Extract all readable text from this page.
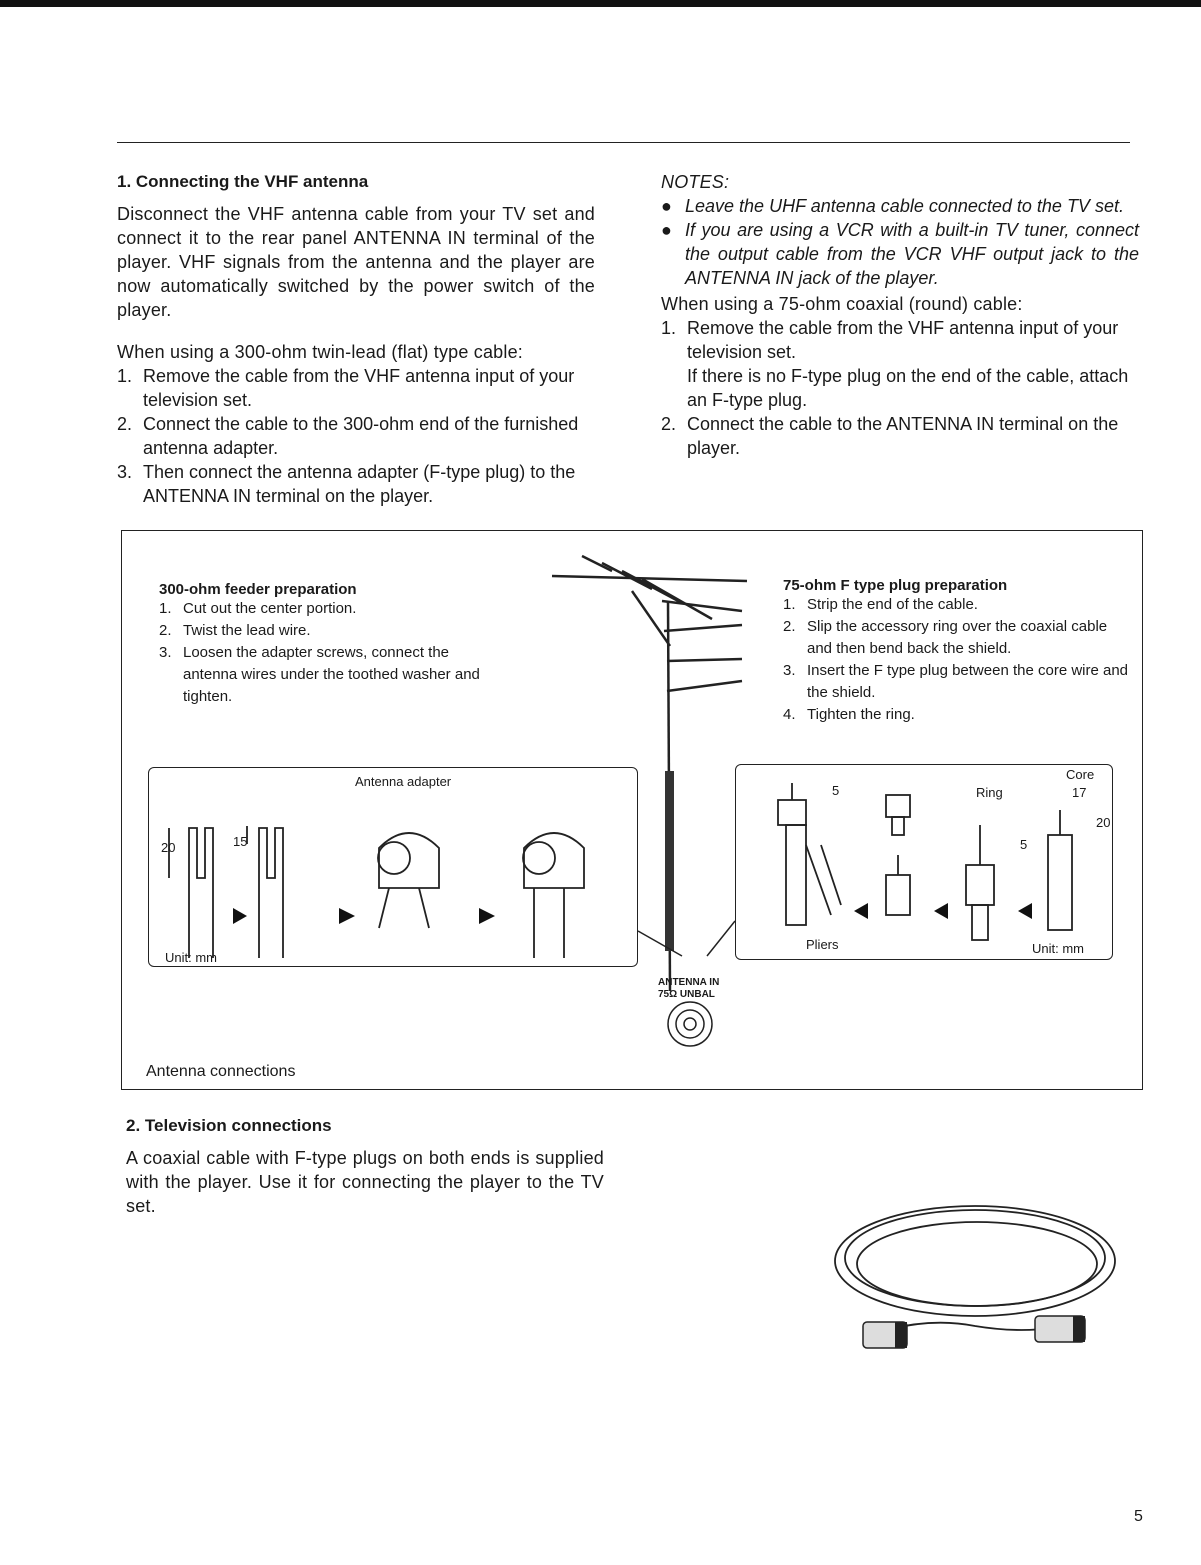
1. Connecting the VHF antenna

Disconnect the VHF antenna cable from your TV set and connect it to the rear panel ANTENNA IN terminal of the player. VHF signals from the antenna and the player are now automatically switched by the power switch of the player.

When using a 300-ohm twin-lead (flat) type cable:

1. Remove the cable from the VHF antenna input of your television set.
2. Connect the cable to the 300-ohm end of the furnished antenna adapter.
3. Then connect the antenna adapter (F-type plug) to the ANTENNA IN terminal on the player.

NOTES:

● Leave the UHF antenna cable connected to the TV set.
● If you are using a VCR with a built-in TV tuner, connect the output cable from the VCR VHF output jack to the ANTENNA IN jack of the player.

When using a 75-ohm coaxial (round) cable:

1. Remove the cable from the VHF antenna input of your television set.
If there is no F-type plug on the end of the cable, attach an F-type plug.
2. Connect the cable to the ANTENNA IN terminal on the player.

300-ohm feeder preparation

1. Cut out the center portion.
2. Twist the lead wire.
3. Loosen the adapter screws, connect the antenna wires under the toothed washer and tighten.

75-ohm F type plug preparation

1. Strip the end of the cable.
2. Slip the accessory ring over the coaxial cable and then bend back the shield.
3. Insert the F type plug between the core wire and the shield.
4. Tighten the ring.
Antenna adapter
20	15
Unit: mm
5	Ring
Core
17
20
5
Pliers	Unit: mm
ANTENNA IN
75Ω UNBAL
Antenna connections

2. Television connections

A coaxial cable with F-type plugs on both ends is supplied with the player. Use it for connecting the player to the TV set.

5
